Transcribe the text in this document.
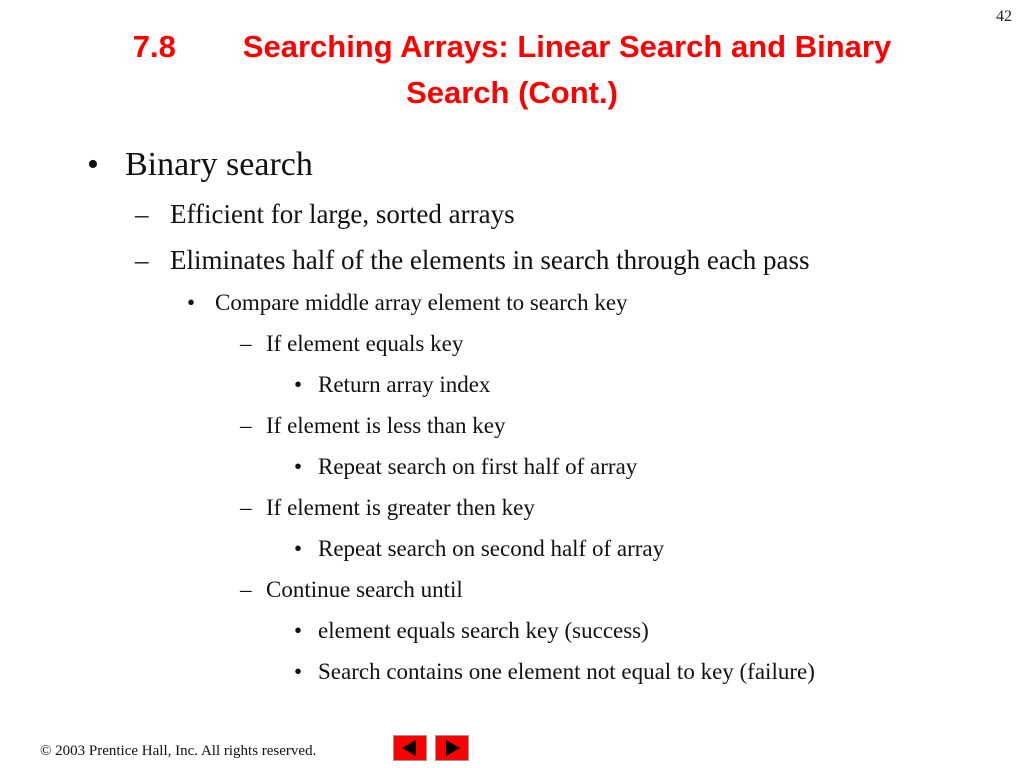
42
7.8 Searching Arrays: Linear Search and Binary
Search (Cont.)
• Binary search
– Efficient for large, sorted arrays
– Eliminates half of the elements in search through each pass
• Compare middle array element to search key
– If element equals key
• Return array index
– If element is less than key
• Repeat search on first half of array
– If element is greater then key
• Repeat search on second half of array
– Continue search until
• element equals search key (success)
• Search contains one element not equal to key (failure)
© 2003 Prentice Hall, Inc. All rights reserved.
